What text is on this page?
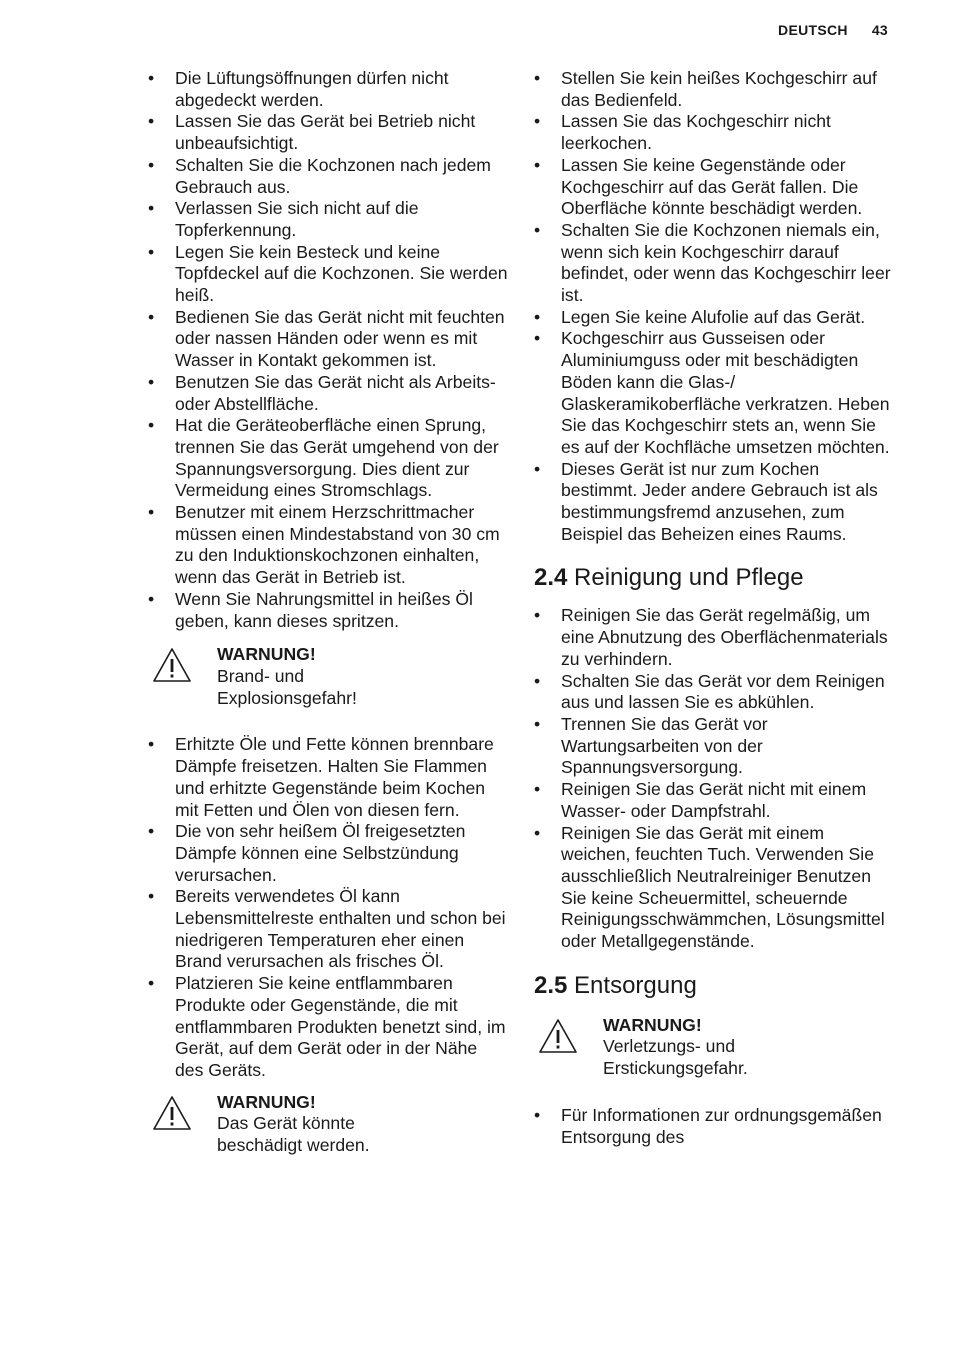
DEUTSCH 43
• Die Lüftungsöffnungen dürfen nicht abgedeckt werden.
• Lassen Sie das Gerät bei Betrieb nicht unbeaufsichtigt.
• Schalten Sie die Kochzonen nach jedem Gebrauch aus.
• Verlassen Sie sich nicht auf die Topferkennung.
• Legen Sie kein Besteck und keine Topfdeckel auf die Kochzonen. Sie werden heiß.
• Bedienen Sie das Gerät nicht mit feuchten oder nassen Händen oder wenn es mit Wasser in Kontakt gekommen ist.
• Benutzen Sie das Gerät nicht als Arbeits- oder Abstellfläche.
• Hat die Geräteoberfläche einen Sprung, trennen Sie das Gerät umgehend von der Spannungsversorgung. Dies dient zur Vermeidung eines Stromschlags.
• Benutzer mit einem Herzschrittmacher müssen einen Mindestabstand von 30 cm zu den Induktionskochzonen einhalten, wenn das Gerät in Betrieb ist.
• Wenn Sie Nahrungsmittel in heißes Öl geben, kann dieses spritzen.
WARNUNG!
Brand- und
Explosionsgefahr!
• Erhitzte Öle und Fette können brennbare Dämpfe freisetzen. Halten Sie Flammen und erhitzte Gegenstände beim Kochen mit Fetten und Ölen von diesen fern.
• Die von sehr heißem Öl freigesetzten Dämpfe können eine Selbstzündung verursachen.
• Bereits verwendetes Öl kann Lebensmittelreste enthalten und schon bei niedrigeren Temperaturen eher einen Brand verursachen als frisches Öl.
• Platzieren Sie keine entflammbaren Produkte oder Gegenstände, die mit entflammbaren Produkten benetzt sind, im Gerät, auf dem Gerät oder in der Nähe des Geräts.
WARNUNG!
Das Gerät könnte
beschädigt werden.
• Stellen Sie kein heißes Kochgeschirr auf das Bedienfeld.
• Lassen Sie das Kochgeschirr nicht leerkochen.
• Lassen Sie keine Gegenstände oder Kochgeschirr auf das Gerät fallen. Die Oberfläche könnte beschädigt werden.
• Schalten Sie die Kochzonen niemals ein, wenn sich kein Kochgeschirr darauf befindet, oder wenn das Kochgeschirr leer ist.
• Legen Sie keine Alufolie auf das Gerät.
• Kochgeschirr aus Gusseisen oder Aluminiumguss oder mit beschädigten Böden kann die Glas-/ Glaskeramikoberfläche verkratzen. Heben Sie das Kochgeschirr stets an, wenn Sie es auf der Kochfläche umsetzen möchten.
• Dieses Gerät ist nur zum Kochen bestimmt. Jeder andere Gebrauch ist als bestimmungsfremd anzusehen, zum Beispiel das Beheizen eines Raums.
2.4 Reinigung und Pflege
• Reinigen Sie das Gerät regelmäßig, um eine Abnutzung des Oberflächenmaterials zu verhindern.
• Schalten Sie das Gerät vor dem Reinigen aus und lassen Sie es abkühlen.
• Trennen Sie das Gerät vor Wartungsarbeiten von der Spannungsversorgung.
• Reinigen Sie das Gerät nicht mit einem Wasser- oder Dampfstrahl.
• Reinigen Sie das Gerät mit einem weichen, feuchten Tuch. Verwenden Sie ausschließlich Neutralreiniger Benutzen Sie keine Scheuermittel, scheuernde Reinigungsschwämmchen, Lösungsmittel oder Metallgegenstände.
2.5 Entsorgung
WARNUNG!
Verletzungs- und
Erstickungsgefahr.
• Für Informationen zur ordnungsgemäßen Entsorgung des
